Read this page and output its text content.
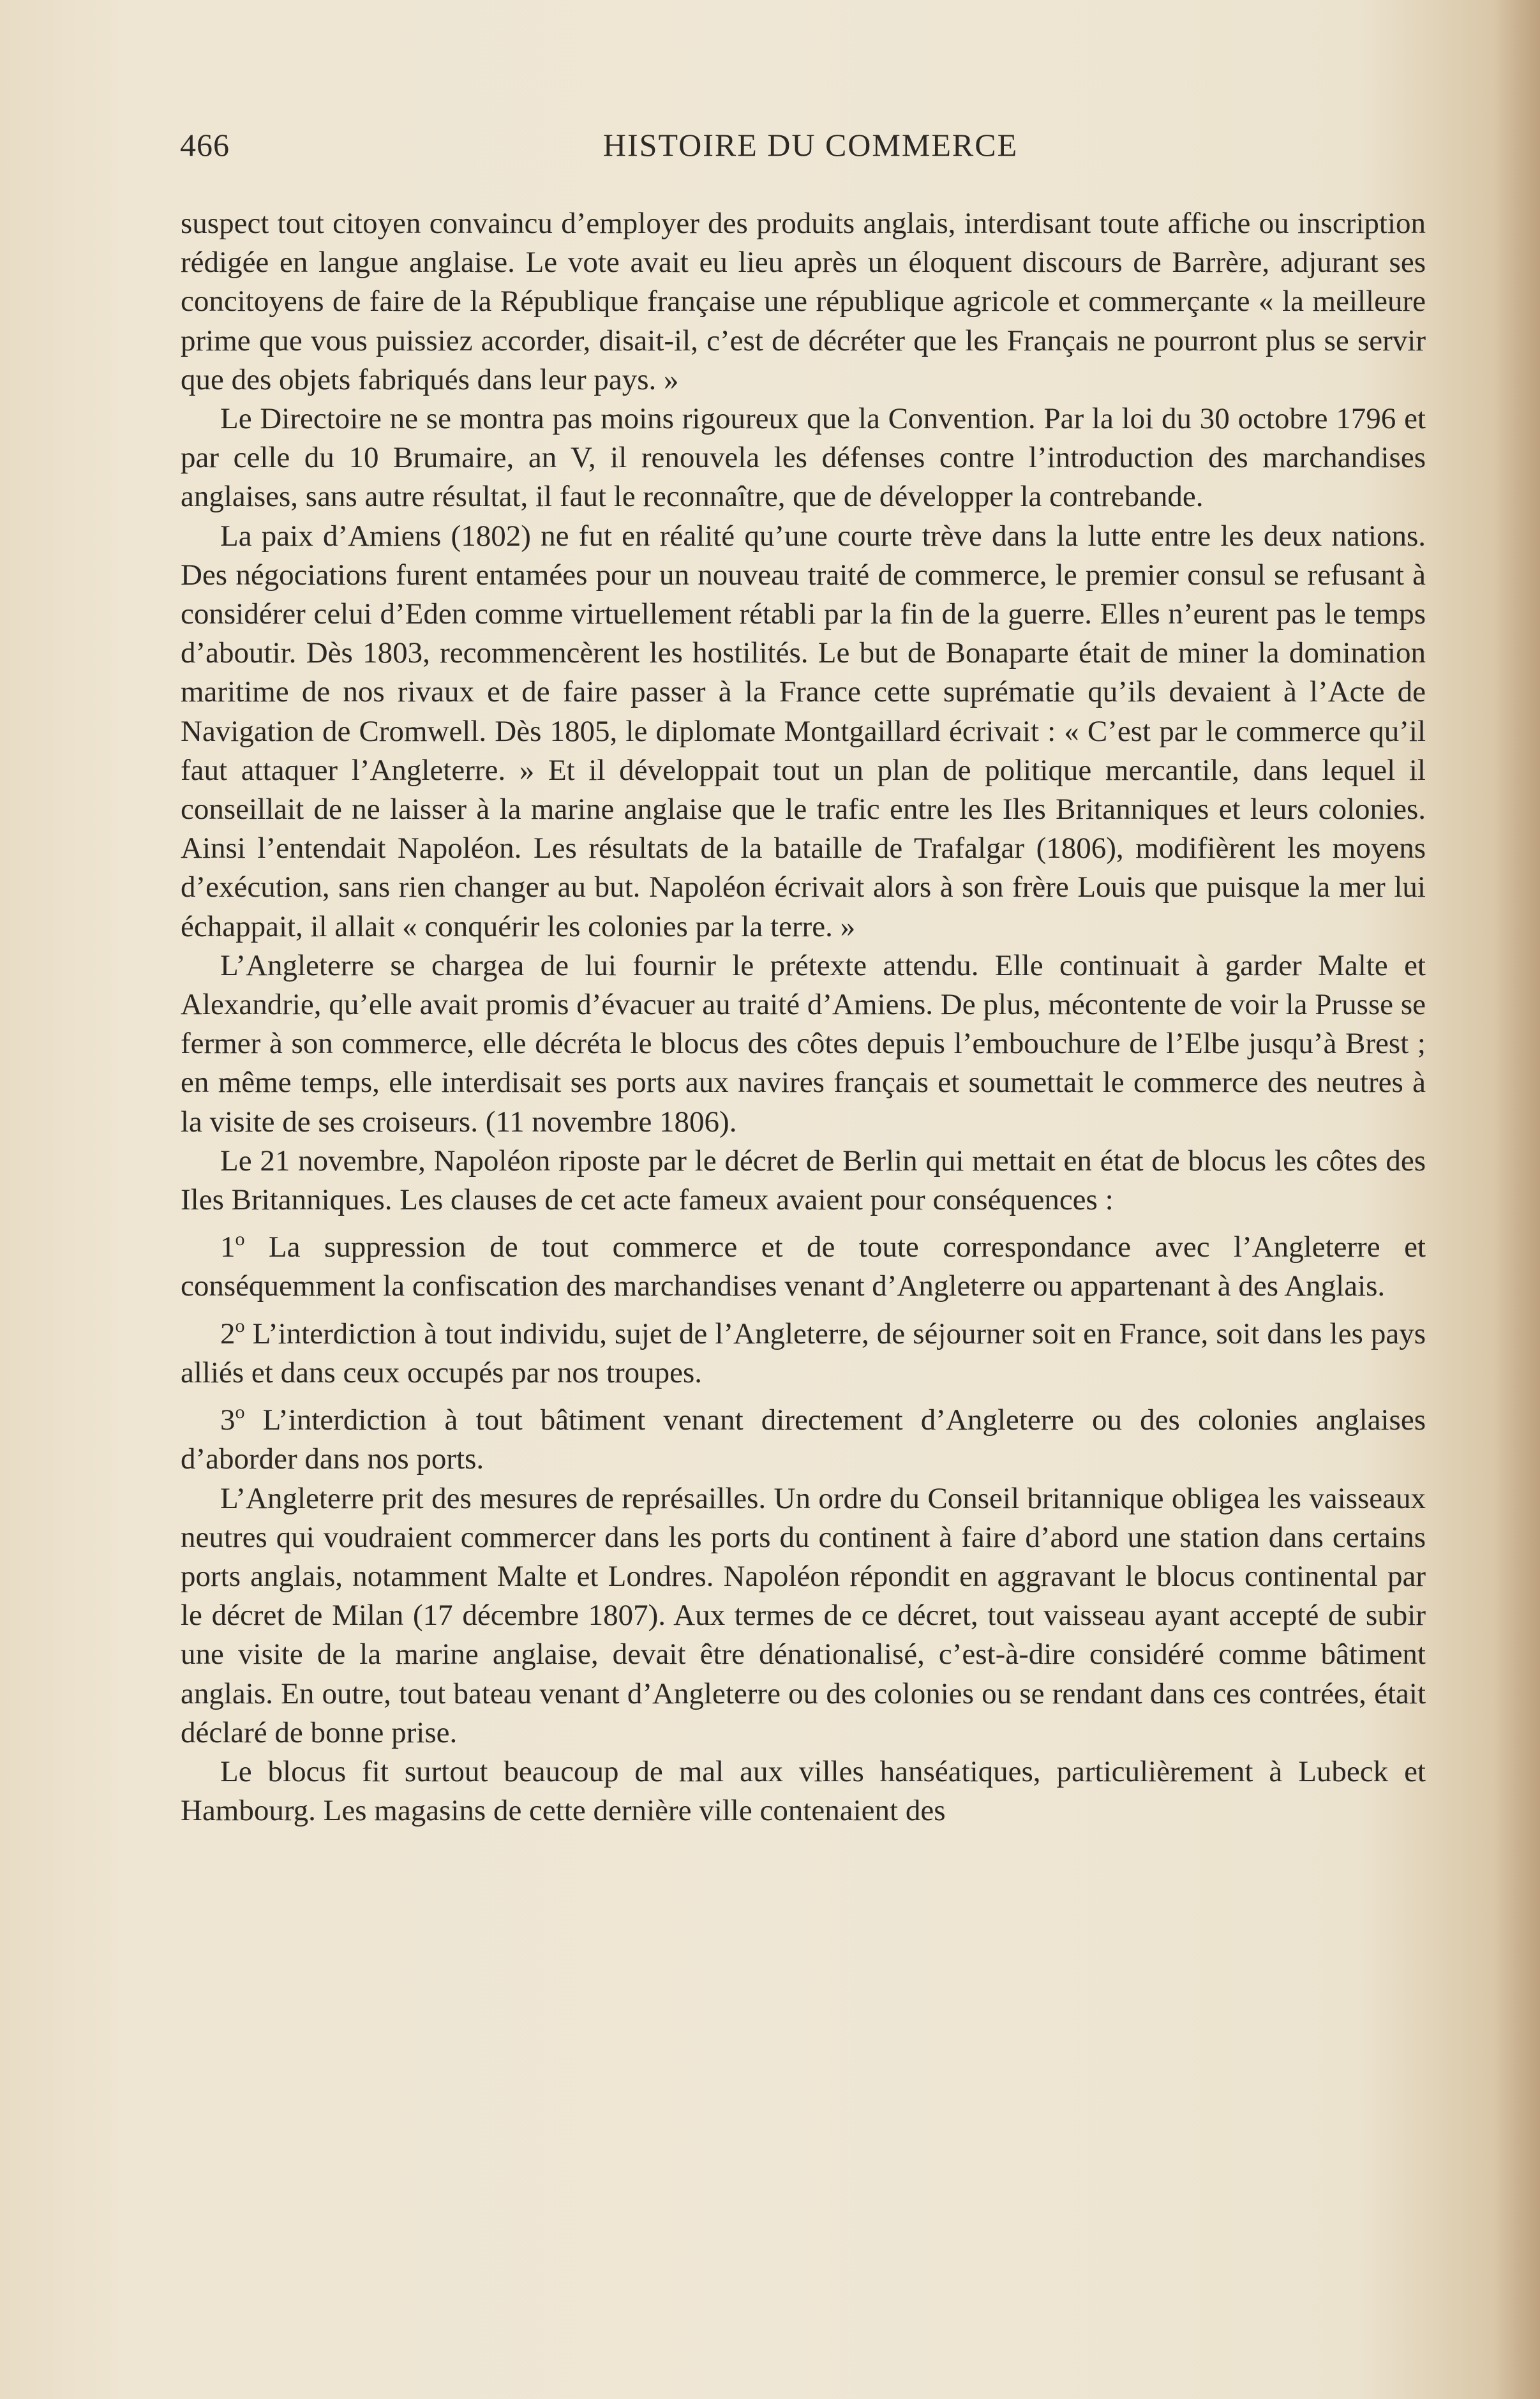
466	HISTOIRE DU COMMERCE

suspect tout citoyen convaincu d’employer des produits anglais, interdisant toute affiche ou inscription rédigée en langue anglaise. Le vote avait eu lieu après un éloquent discours de Barrère, adjurant ses concitoyens de faire de la République française une république agricole et commerçante « la meilleure prime que vous puissiez accorder, disait-il, c’est de décréter que les Français ne pourront plus se servir que des objets fabriqués dans leur pays. »

Le Directoire ne se montra pas moins rigoureux que la Convention. Par la loi du 30 octobre 1796 et par celle du 10 Brumaire, an V, il renouvela les défenses contre l’introduction des marchandises anglaises, sans autre résultat, il faut le reconnaître, que de développer la contrebande.

La paix d’Amiens (1802) ne fut en réalité qu’une courte trève dans la lutte entre les deux nations. Des négociations furent entamées pour un nouveau traité de commerce, le premier consul se refusant à considérer celui d’Eden comme virtuellement rétabli par la fin de la guerre. Elles n’eurent pas le temps d’aboutir. Dès 1803, recommencèrent les hostilités. Le but de Bonaparte était de miner la domination maritime de nos rivaux et de faire passer à la France cette suprématie qu’ils devaient à l’Acte de Navigation de Cromwell. Dès 1805, le diplomate Montgaillard écrivait : « C’est par le commerce qu’il faut attaquer l’Angleterre. » Et il développait tout un plan de politique mercantile, dans lequel il conseillait de ne laisser à la marine anglaise que le trafic entre les Iles Britanniques et leurs colonies. Ainsi l’entendait Napoléon. Les résultats de la bataille de Trafalgar (1806), modifièrent les moyens d’exécution, sans rien changer au but. Napoléon écrivait alors à son frère Louis que puisque la mer lui échappait, il allait « conquérir les colonies par la terre. »

L’Angleterre se chargea de lui fournir le prétexte attendu. Elle continuait à garder Malte et Alexandrie, qu’elle avait promis d’évacuer au traité d’Amiens. De plus, mécontente de voir la Prusse se fermer à son commerce, elle décréta le blocus des côtes depuis l’embouchure de l’Elbe jusqu’à Brest ; en même temps, elle interdisait ses ports aux navires français et soumettait le commerce des neutres à la visite de ses croiseurs. (11 novembre 1806).

Le 21 novembre, Napoléon riposte par le décret de Berlin qui mettait en état de blocus les côtes des Iles Britanniques. Les clauses de cet acte fameux avaient pour conséquences :

1$^o$ La suppression de tout commerce et de toute correspondance avec l’Angleterre et conséquemment la confiscation des marchandises venant d’Angleterre ou appartenant à des Anglais.

2$^o$ L’interdiction à tout individu, sujet de l’Angleterre, de séjourner soit en France, soit dans les pays alliés et dans ceux occupés par nos troupes.

3$^o$ L’interdiction à tout bâtiment venant directement d’Angleterre ou des colonies anglaises d’aborder dans nos ports.

L’Angleterre prit des mesures de représailles. Un ordre du Conseil britannique obligea les vaisseaux neutres qui voudraient commercer dans les ports du continent à faire d’abord une station dans certains ports anglais, notamment Malte et Londres. Napoléon répondit en aggravant le blocus continental par le décret de Milan (17 décembre 1807). Aux termes de ce décret, tout vaisseau ayant accepté de subir une visite de la marine anglaise, devait être dénationalisé, c’est-à-dire considéré comme bâtiment anglais. En outre, tout bateau venant d’Angleterre ou des colonies ou se rendant dans ces contrées, était déclaré de bonne prise.

Le blocus fit surtout beaucoup de mal aux villes hanséatiques, particulièrement à Lubeck et Hambourg. Les magasins de cette dernière ville contenaient des
